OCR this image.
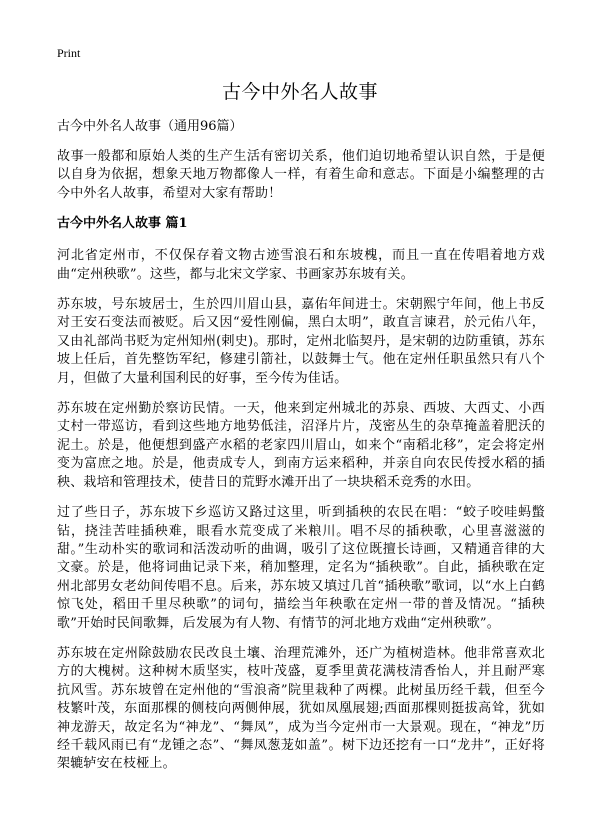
Print
古今中外名人故事
古今中外名人故事（通用96篇）

故事一般都和原始人类的生产生活有密切关系，他们迫切地希望认识自然，于是便以自身为依据，想象天地万物都像人一样，有着生命和意志。下面是小编整理的古今中外名人故事，希望对大家有帮助！

古今中外名人故事 篇1

河北省定州市，不仅保存着文物古迹雪浪石和东坡槐，而且一直在传唱着地方戏曲“定州秧歌”。这些，都与北宋文学家、书画家苏东坡有关。

苏东坡，号东坡居士，生於四川眉山县，嘉佑年间进士。宋朝熙宁年间，他上书反对王安石变法而被贬。后又因“爱性刚偏，黑白太明”，敢直言谏君，於元佑八年，又由礼部尚书贬为定州知州(剌史)。那时，定州北临契丹，是宋朝的边防重镇，苏东坡上任后，首先整饬军纪，修建引箭社，以鼓舞士气。他在定州任职虽然只有八个月，但做了大量利国利民的好事，至今传为佳话。

苏东坡在定州勤於察访民情。一天，他来到定州城北的苏泉、西坡、大西丈、小西丈村一带巡访，看到这些地方地势低洼，沼泽片片，茂密丛生的杂草掩盖着肥沃的泥土。於是，他便想到盛产水稻的老家四川眉山，如来个“南稻北移”，定会将定州变为富庶之地。於是，他责成专人，到南方运来稻种，并亲自向农民传授水稻的插秧、栽培和管理技术，使昔日的荒野水滩开出了一块块稻禾竞秀的水田。

过了些日子，苏东坡下乡巡访又路过这里，听到插秧的农民在唱：“蛟子咬哇蚂蟞钻，挠洼苦哇插秧难，眼看水荒变成了米粮川。唱不尽的插秧歌，心里喜滋滋的甜。”生动朴实的歌词和活泼动听的曲调，吸引了这位既擅长诗画，又精通音律的大文豪。於是，他将词曲记录下来，稍加整理，定名为“插秧歌”。自此，插秧歌在定州北部男女老幼间传唱不息。后来，苏东坡又填过几首“插秧歌”歌词，以“水上白鹤惊飞处，稻田千里尽秧歌”的词句，描绘当年秧歌在定州一带的普及情况。“插秧歌”开始时民间歌舞，后发展为有人物、有情节的河北地方戏曲“定州秧歌”。

苏东坡在定州除鼓励农民改良土壤、治理荒滩外，还广为植树造林。他非常喜欢北方的大槐树。这种树木质坚实，枝叶茂盛，夏季里黄花满枝清香怡人，并且耐严寒抗风雪。苏东坡曾在定州他的“雪浪斋”院里栽种了两棵。此树虽历经千载，但至今枝繁叶茂，东面那棵的侧枝向两侧伸展，犹如凤凰展翅;西面那棵则挺拔高耸，犹如神龙游天，故定名为“神龙”、“舞凤”，成为当今定州市一大景观。现在，“神龙”历经千载风雨已有“龙锺之态”、“舞凤葱茏如盖”。树下边还挖有一口“龙井”，正好将架辘轳安在枝桠上。
